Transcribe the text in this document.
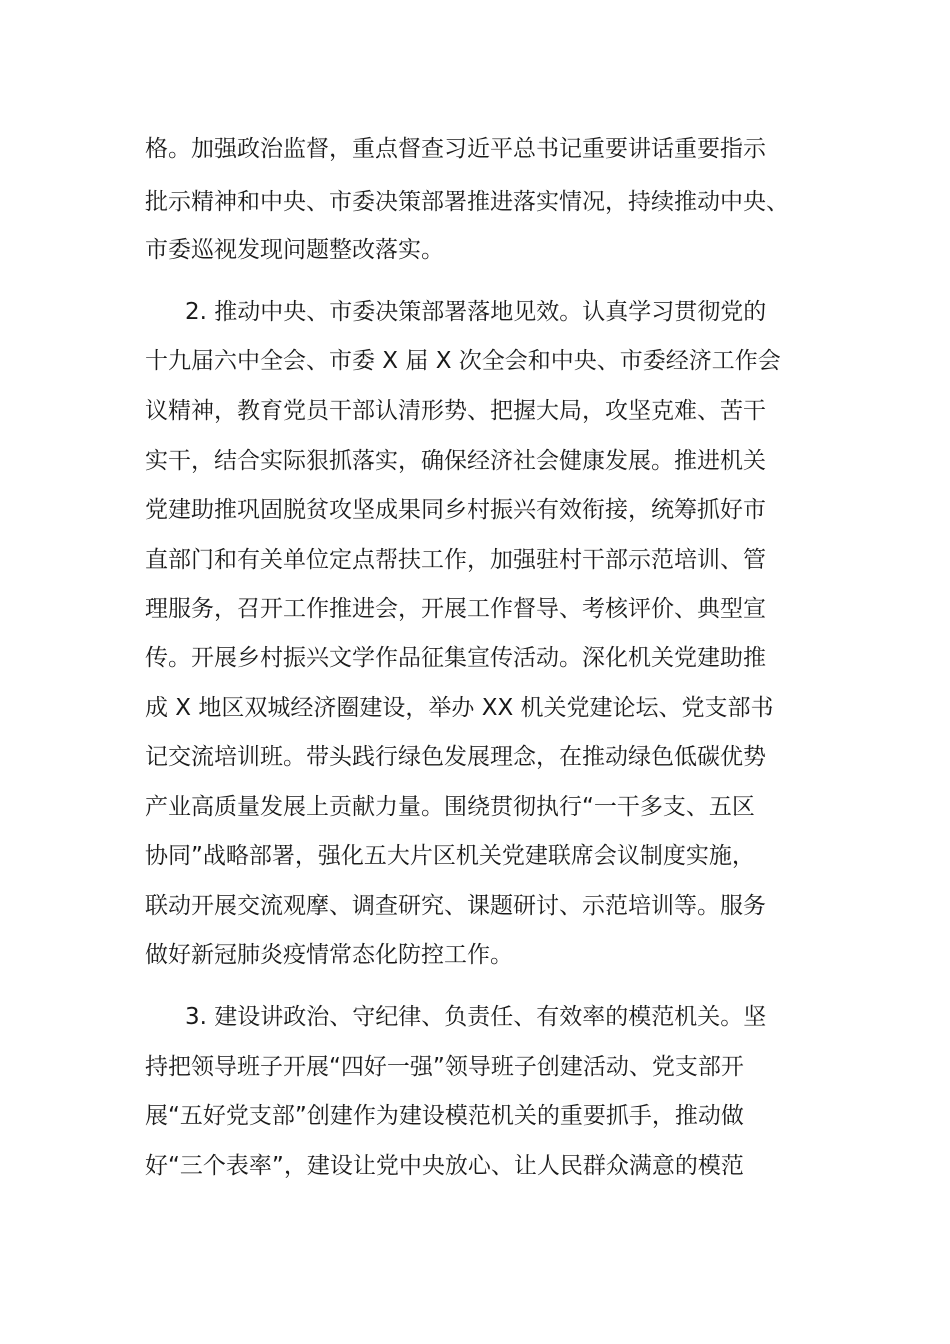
格。加强政治监督，重点督查习近平总书记重要讲话重要指示

批示精神和中央、市委决策部署推进落实情况，持续推动中央、

市委巡视发现问题整改落实。

2. 推动中央、市委决策部署落地见效。认真学习贯彻党的

十九届六中全会、市委 X 届 X 次全会和中央、市委经济工作会

议精神，教育党员干部认清形势、把握大局，攻坚克难、苦干

实干，结合实际狠抓落实，确保经济社会健康发展。推进机关

党建助推巩固脱贫攻坚成果同乡村振兴有效衔接，统筹抓好市

直部门和有关单位定点帮扶工作，加强驻村干部示范培训、管

理服务，召开工作推进会，开展工作督导、考核评价、典型宣

传。开展乡村振兴文学作品征集宣传活动。深化机关党建助推

成 X 地区双城经济圈建设，举办 XX 机关党建论坛、党支部书

记交流培训班。带头践行绿色发展理念，在推动绿色低碳优势

产业高质量发展上贡献力量。围绕贯彻执行“一干多支、五区

协同”战略部署，强化五大片区机关党建联席会议制度实施，

联动开展交流观摩、调查研究、课题研讨、示范培训等。服务

做好新冠肺炎疫情常态化防控工作。

3. 建设讲政治、守纪律、负责任、有效率的模范机关。坚

持把领导班子开展“四好一强”领导班子创建活动、党支部开

展“五好党支部”创建作为建设模范机关的重要抓手，推动做

好“三个表率”，建设让党中央放心、让人民群众满意的模范
